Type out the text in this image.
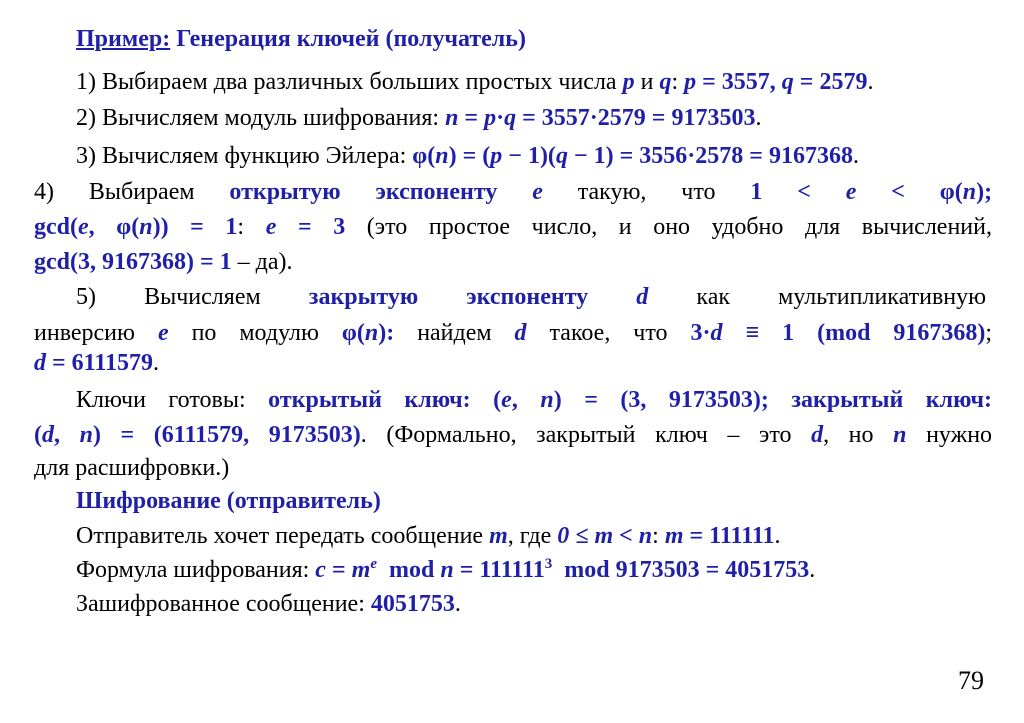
Пример: Генерация ключей (получатель)
1) Выбираем два различных больших простых числа p и q: p = 3557, q = 2579.
2) Вычисляем модуль шифрования: n = p·q = 3557·2579 = 9173503.
3) Вычисляем функцию Эйлера: φ(n) = (p − 1)(q − 1) = 3556·2578 = 9167368.
4) Выбираем открытую экспоненту e такую, что 1 < e < φ(n);
gcd(e, φ(n)) = 1: e = 3 (это простое число, и оно удобно для вычислений,
gcd(3, 9167368) = 1 – да).
5) Вычисляем закрытую экспоненту d как мультипликативную
инверсию e по модулю φ(n): найдем d такое, что 3·d ≡ 1 (mod 9167368);
d = 6111579.
Ключи готовы: открытый ключ: (e, n) = (3, 9173503); закрытый ключ:
(d, n) = (6111579, 9173503). (Формально, закрытый ключ – это d, но n нужно
для расшифровки.)
Шифрование (отправитель)
Отправитель хочет передать сообщение m, где 0 ≤ m < n: m = 111111.
Формула шифрования: $c = m^e$  mod $n = 111111^3$  mod 9173503 = 4051753.
Зашифрованное сообщение: 4051753.
79
